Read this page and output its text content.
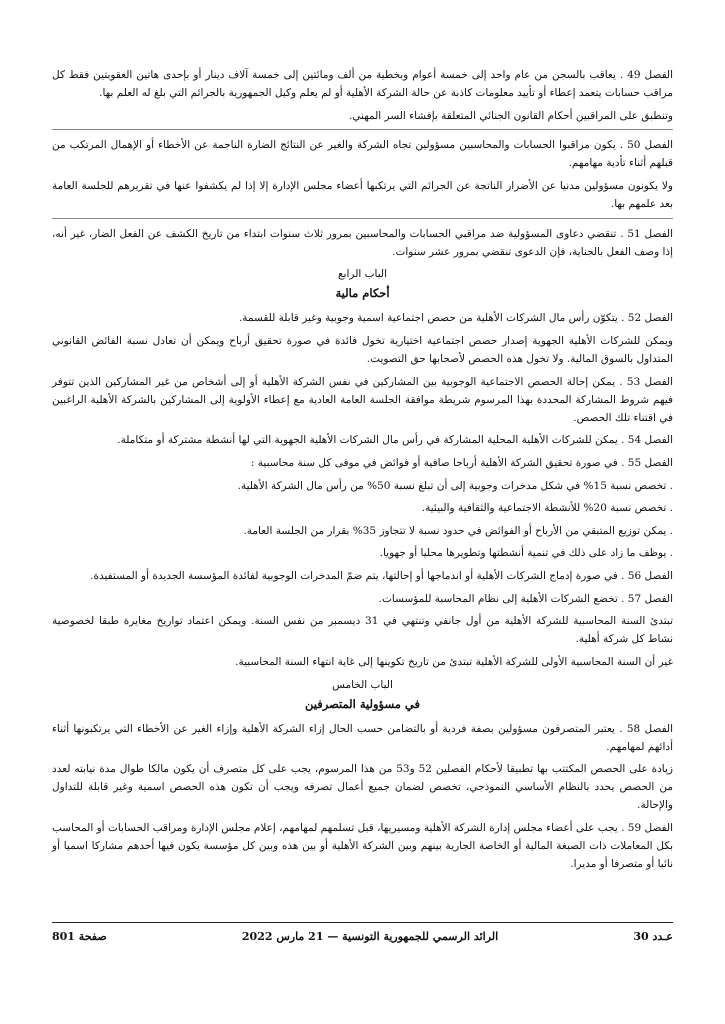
الفصل 49 . يعاقب بالسجن من عام واحد إلى خمسة أعوام وبخطية من ألف ومائتين إلى خمسة آلاف دينار أو بإحدى هاتين العقوبتين فقط كل مراقب حسابات يتعمد إعطاء أو تأييد معلومات كاذبة عن حالة الشركة الأهلية أو لم يعلم وكيل الجمهورية بالجرائم التي بلغ له العلم بها.

وتنطبق على المراقبين أحكام القانون الجنائي المتعلقة بإفشاء السر المهني.

الفصل 50 . يكون مراقبوا الحسابات والمحاسبين مسؤولين تجاه الشركة والغير عن النتائج الضارة الناجمة عن الأخطاء أو الإهمال المرتكب من قبلهم أثناء تأدية مهامهم.

ولا يكونون مسؤولين مدنيا عن الأضرار الناتجة عن الجرائم التي يرتكبها أعضاء مجلس الإدارة إلا إذا لم يكشفوا عنها في تقريرهم للجلسة العامة بعد علمهم بها.

الفصل 51 . تنقضي دعاوى المسؤولية ضد مراقبي الحسابات والمحاسبين بمرور ثلاث سنوات ابتداء من تاريخ الكشف عن الفعل الضار، غير أنه، إذا وصف الفعل بالجناية، فإن الدعوى تنقضي بمرور عشر سنوات.

الباب الرابع
أحكام مالية

الفصل 52 . يتكوّن رأس مال الشركات الأهلية من حصص اجتماعية اسمية وجوبية وغير قابلة للقسمة.

ويمكن للشركات الأهلية الجهوية إصدار حصص اجتماعية اختيارية تخول فائدة في صورة تحقيق أرباح ويمكن أن تعادل نسبة الفائض القانوني المتداول بالسوق المالية. ولا تخول هذه الحصص لأصحابها حق التصويت.

الفصل 53 . يمكن إحالة الحصص الاجتماعية الوجوبية بين المشاركين في نفس الشركة الأهلية أو إلى أشخاص من غير المشاركين الذين تتوفر فيهم شروط المشاركة المحددة بهذا المرسوم شريطة موافقة الجلسة العامة العادية مع إعطاء الأولوية إلى المشاركين بالشركة الأهلية الراغبين في اقتناء تلك الحصص.

الفصل 54 . يمكن للشركات الأهلية المحلية المشاركة في رأس مال الشركات الأهلية الجهوية التي لها أنشطة مشتركة أو متكاملة.

الفصل 55 . في صورة تحقيق الشركة الأهلية أرباحا صافية أو فوائض في موفى كل سنة محاسبية :

. تخصص نسبة 15% في شكل مدخرات وجوبية إلى أن تبلغ نسبة 50% من رأس مال الشركة الأهلية.

. تخصص نسبة 20% للأنشطة الاجتماعية والثقافية والبيئية.

. يمكن توزيع المتبقي من الأرباح أو الفوائض في حدود نسبة لا تتجاوز 35% بقرار من الجلسة العامة.

. يوظف ما زاد على ذلك في تنمية أنشطتها وتطويرها محليا أو جهويا.

الفصل 56 . في صورة إدماج الشركات الأهلية أو اندماجها أو إحالتها، يتم ضمّ المدخرات الوجوبية لفائدة المؤسسة الجديدة أو المستفيدة.

الفصل 57 . تخضع الشركات الأهلية إلى نظام المحاسبة للمؤسسات.

تبتدئ السنة المحاسبية للشركة الأهلية من أول جانفي وتنتهي في 31 ديسمبر من نفس السنة. ويمكن اعتماد تواريخ مغايرة طبقا لخصوصية نشاط كل شركة أهلية.

غير أن السنة المحاسبية الأولى للشركة الأهلية تبتدئ من تاريخ تكوينها إلى غاية انتهاء السنة المحاسبية.

الباب الخامس
في مسؤولية المتصرفين

الفصل 58 . يعتبر المتصرفون مسؤولين بصفة فردية أو بالتضامن حسب الحال إزاء الشركة الأهلية وإزاء الغير عن الأخطاء التي يرتكبونها أثناء أدائهم لمهامهم.

زيادة على الحصص المكتتب بها تطبيقا لأحكام الفصلين 52 و53 من هذا المرسوم، يجب على كل متصرف أن يكون مالكا طوال مدة نيابته لعدد من الحصص يحدد بالنظام الأساسي النموذجي، تخصص لضمان جميع أعمال تصرفه ويجب أن تكون هذه الحصص اسمية وغير قابلة للتداول والإحالة.

الفصل 59 . يجب على أعضاء مجلس إدارة الشركة الأهلية ومسيريها، قبل تسلمهم لمهامهم، إعلام مجلس الإدارة ومراقب الحسابات أو المحاسب بكل المعاملات ذات الصبغة المالية أو الخاصة الجارية بينهم وبين الشركة الأهلية أو بين هذه وبين كل مؤسسة يكون فيها أحدهم مشاركا اسميا أو نائبا أو متصرفا أو مديرا.

عـدد 30
الرائد الرسمي للجمهورية التونسية — 21 مارس 2022
صفحة 801
